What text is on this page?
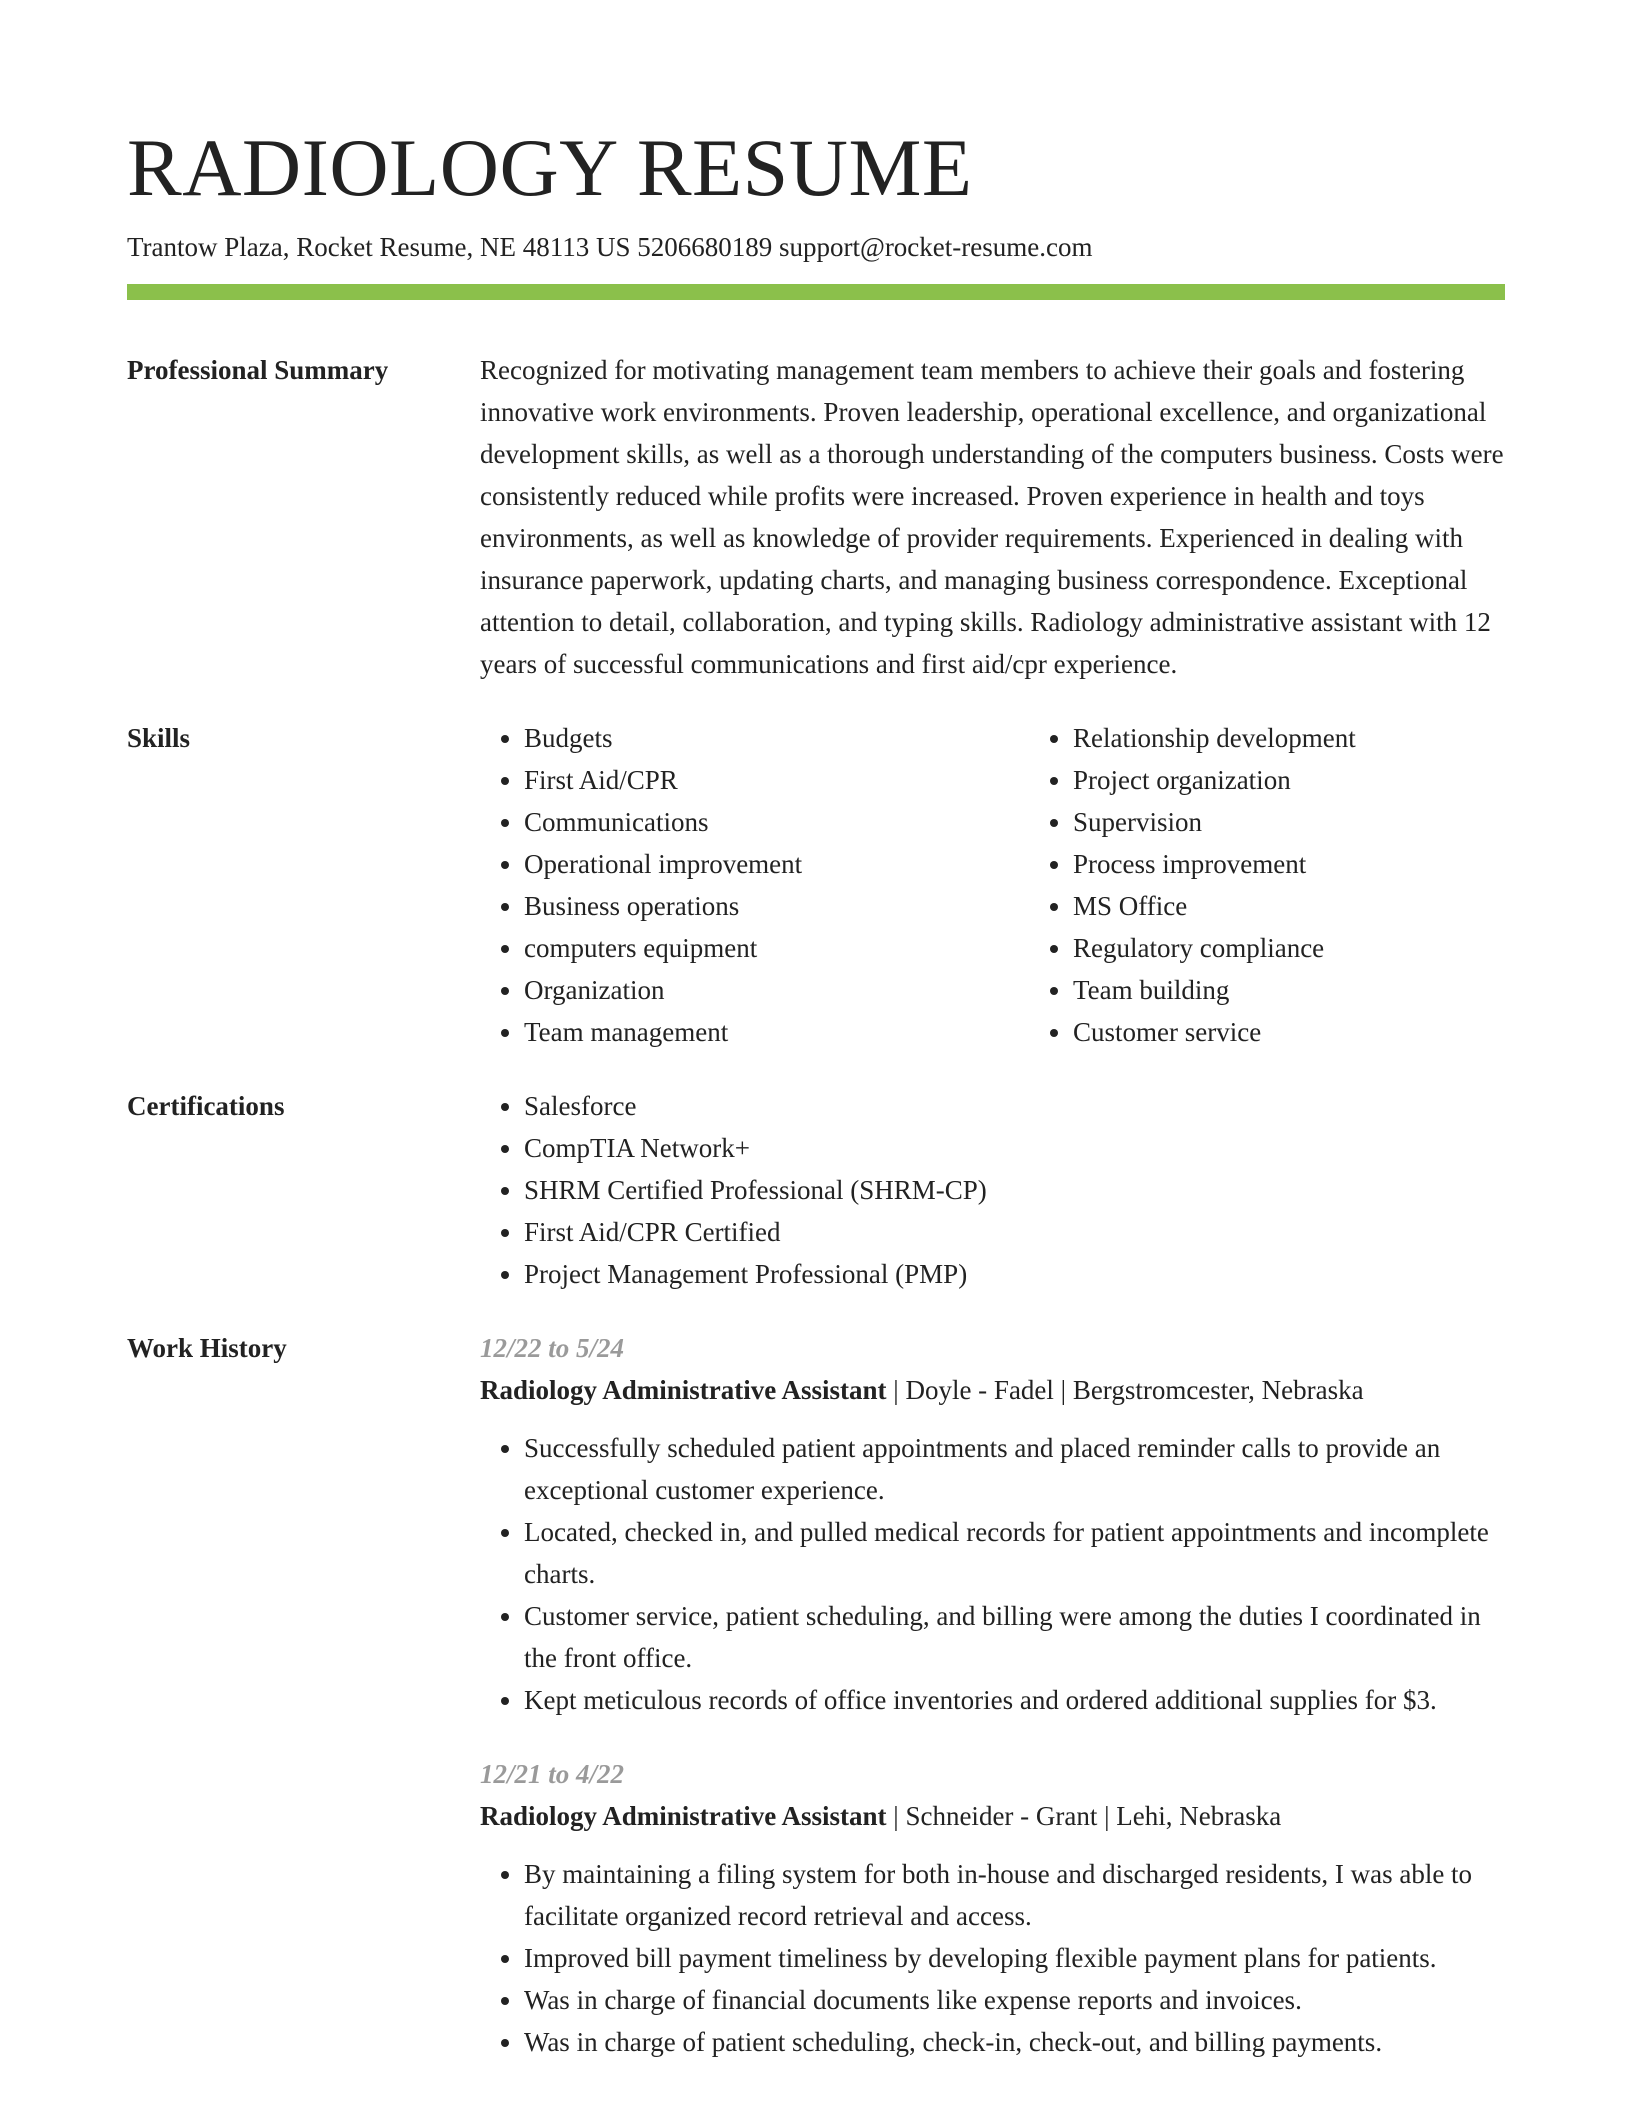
RADIOLOGY RESUME
Trantow Plaza, Rocket Resume, NE 48113 US 5206680189 support@rocket-resume.com
Professional Summary	Recognized for motivating management team members to achieve their goals and fostering innovative work environments. Proven leadership, operational excellence, and organizational development skills, as well as a thorough understanding of the computers business. Costs were consistently reduced while profits were increased. Proven experience in health and toys environments, as well as knowledge of provider requirements. Experienced in dealing with insurance paperwork, updating charts, and managing business correspondence. Exceptional attention to detail, collaboration, and typing skills. Radiology administrative assistant with 12 years of successful communications and first aid/cpr experience.
Skills	• Budgets
• First Aid/CPR
• Communications
• Operational improvement
• Business operations
• computers equipment
• Organization
• Team management
• Relationship development
• Project organization
• Supervision
• Process improvement
• MS Office
• Regulatory compliance
• Team building
• Customer service
Certifications	• Salesforce
• CompTIA Network+
• SHRM Certified Professional (SHRM-CP)
• First Aid/CPR Certified
• Project Management Professional (PMP)
Work History	12/22 to 5/24
Radiology Administrative Assistant | Doyle - Fadel | Bergstromcester, Nebraska
• Successfully scheduled patient appointments and placed reminder calls to provide an exceptional customer experience.
• Located, checked in, and pulled medical records for patient appointments and incomplete charts.
• Customer service, patient scheduling, and billing were among the duties I coordinated in the front office.
• Kept meticulous records of office inventories and ordered additional supplies for $3.
12/21 to 4/22
Radiology Administrative Assistant | Schneider - Grant | Lehi, Nebraska
• By maintaining a filing system for both in-house and discharged residents, I was able to facilitate organized record retrieval and access.
• Improved bill payment timeliness by developing flexible payment plans for patients.
• Was in charge of financial documents like expense reports and invoices.
• Was in charge of patient scheduling, check-in, check-out, and billing payments.
